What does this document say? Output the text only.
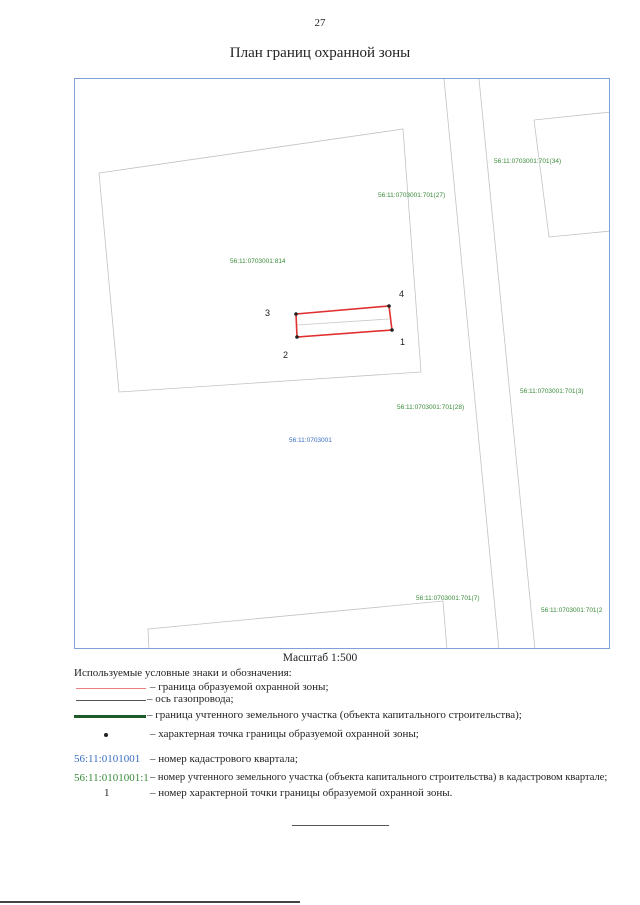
27
План границ охранной зоны
1
2
3
4
56:11:0703001:701(34)
56:11:0703001:701(27)
56:11:0703001:814
56:11:0703001:701(3)
56:11:0703001:701(28)
56:11:0703001:701(7)
56:11:0703001:701(2
56:11:0703001
Масштаб 1:500
Используемые условные знаки и обозначения:
– граница образуемой охранной зоны;
– ось газопровода;
– граница учтенного земельного участка (объекта капитального строительства);
– характерная точка границы образуемой охранной зоны;
56:11:0101001 – номер кадастрового квартала;
56:11:0101001:1 – номер учтенного земельного участка (объекта капитального строительства) в кадастровом квартале;
1	– номер характерной точки границы образуемой охранной зоны.
